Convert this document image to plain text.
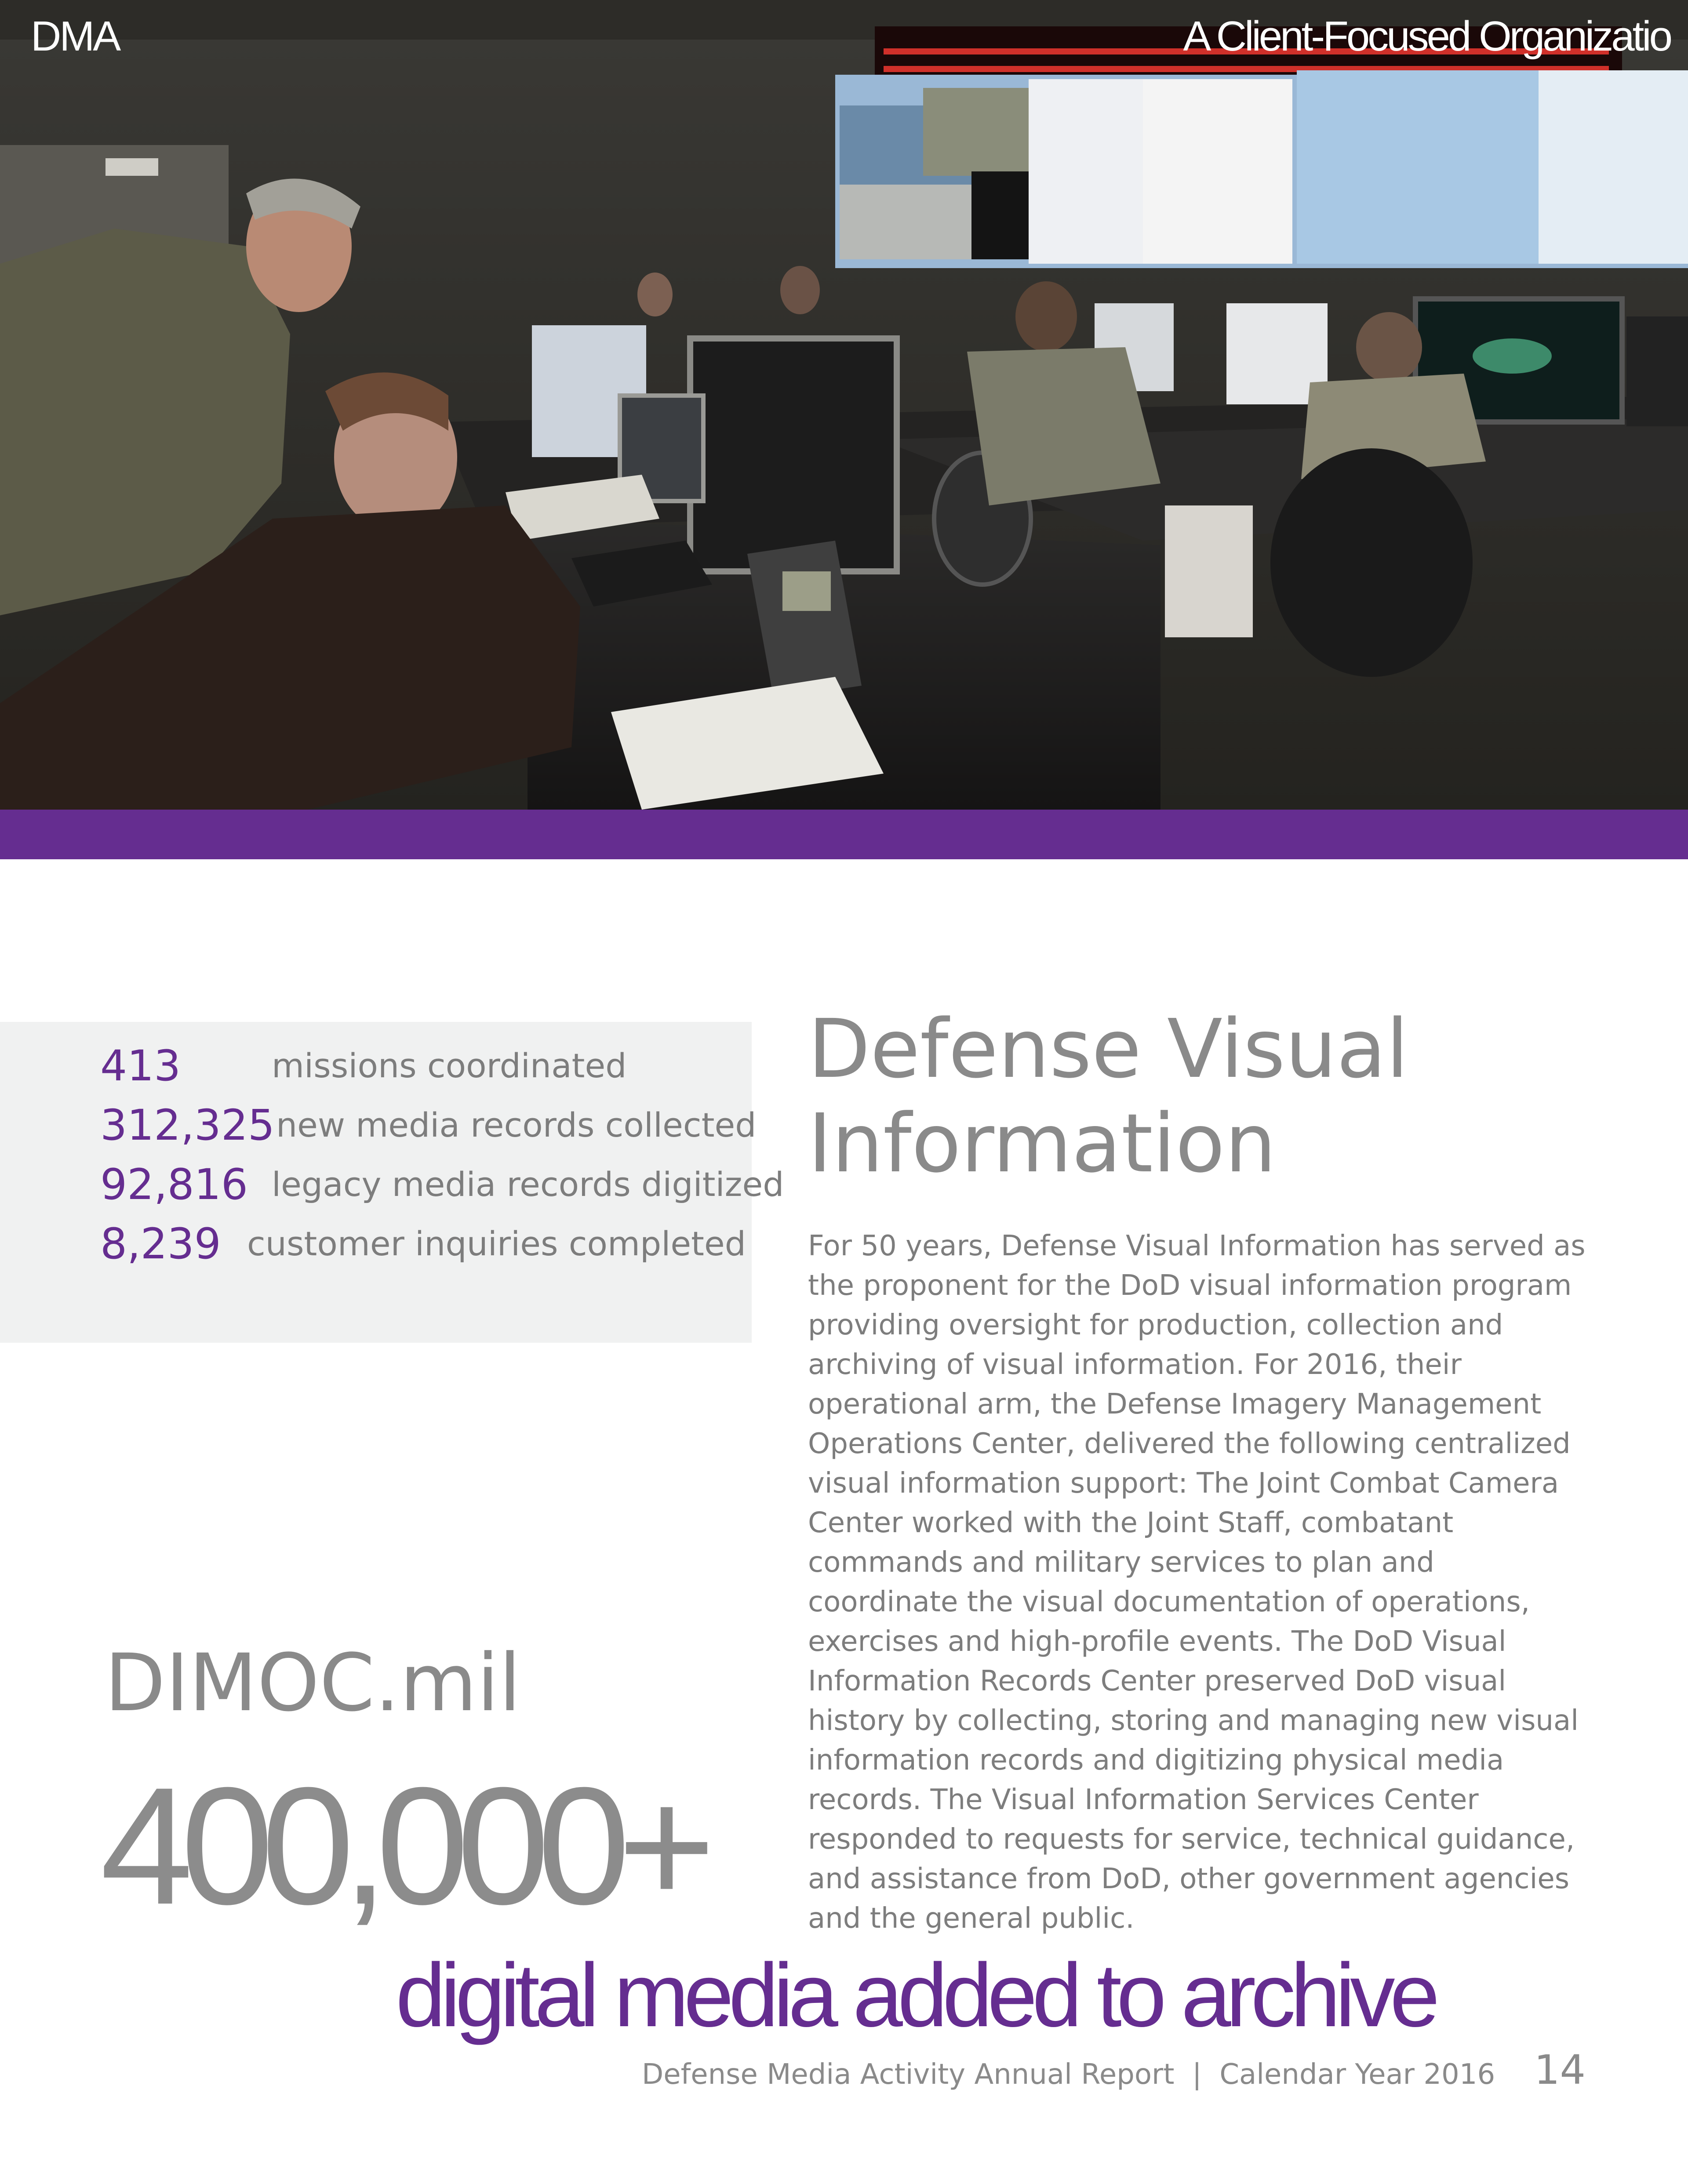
DMA	A Client-Focused Organizatio

413	missions coordinated
312,325 new media records collected
92,816 legacy media records digitized
8,239 customer inquiries completed
Defense Visual
Information

For 50 years, Defense Visual Information has served as the proponent for the DoD visual information program providing oversight for production, collection and archiving of visual information. For 2016, their operational arm, the Defense Imagery Management Operations Center, delivered the following centralized visual information support: The Joint Combat Camera Center worked with the Joint Staff, combatant commands and military services to plan and coordinate the visual documentation of operations, exercises and high-profile events. The DoD Visual Information Records Center preserved DoD visual history by collecting, storing and managing new visual information records and digitizing physical media records. The Visual Information Services Center responded to requests for service, technical guidance, and assistance from DoD, other government agencies and the general public.

DIMOC.mil

400,000+

digital media added to archive

Defense Media Activity Annual Report  |  Calendar Year 2016 14
